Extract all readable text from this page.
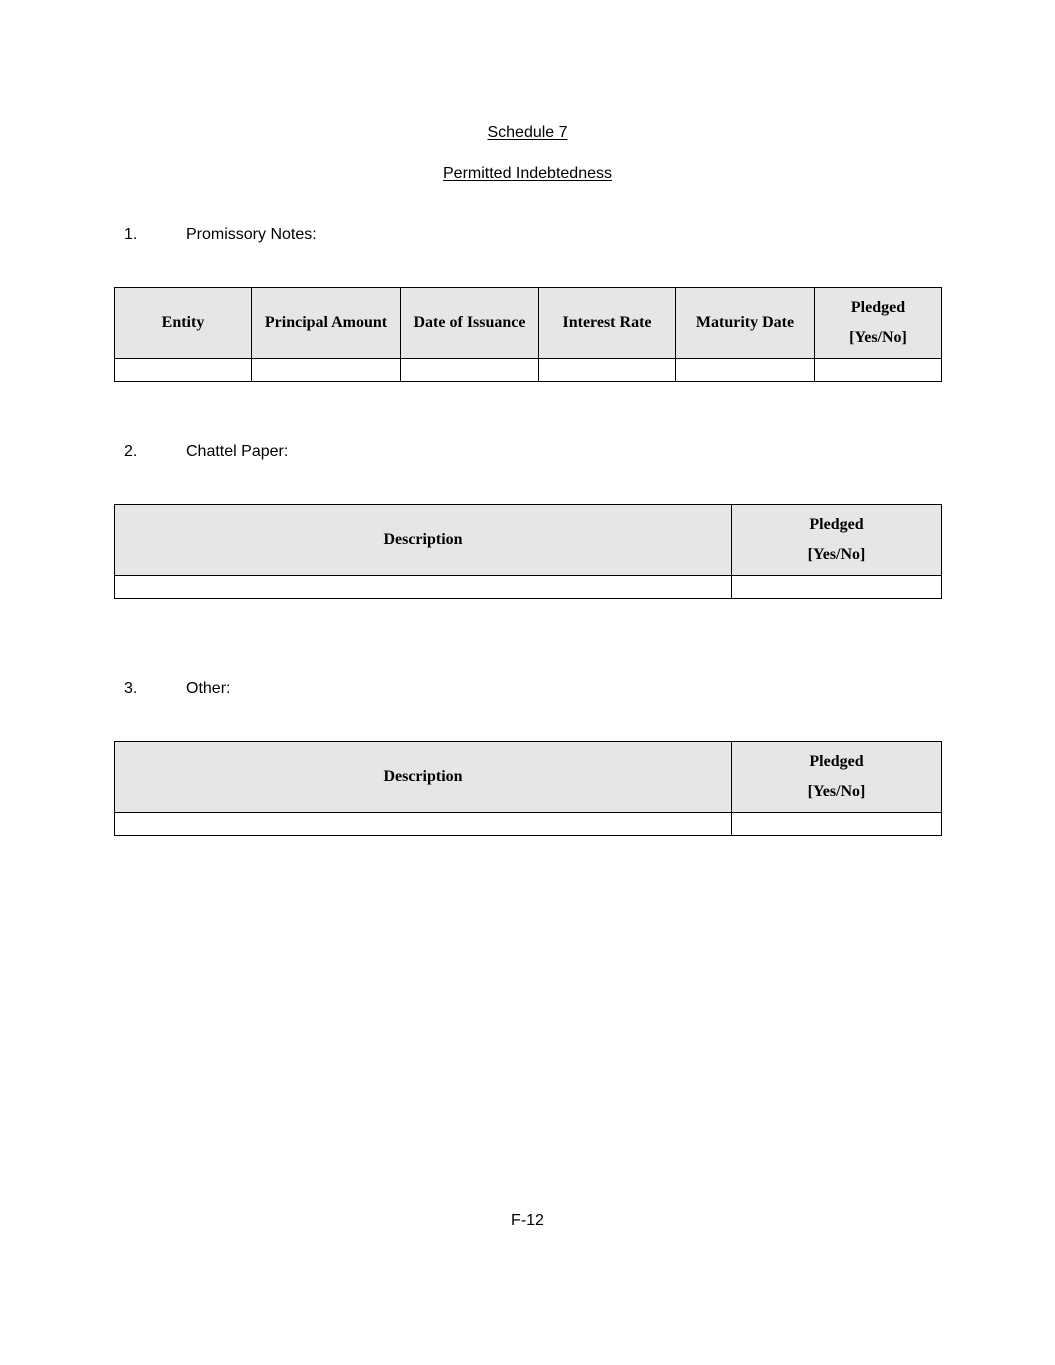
Schedule 7
Permitted Indebtedness
1.	Promissory Notes:
Entity	Principal Amount	Date of Issuance	Interest Rate	Maturity Date	Pledged
[Yes/No]

2.	Chattel Paper:
Description	Pledged
[Yes/No]

3.	Other:
Description	Pledged
[Yes/No]

F-12
